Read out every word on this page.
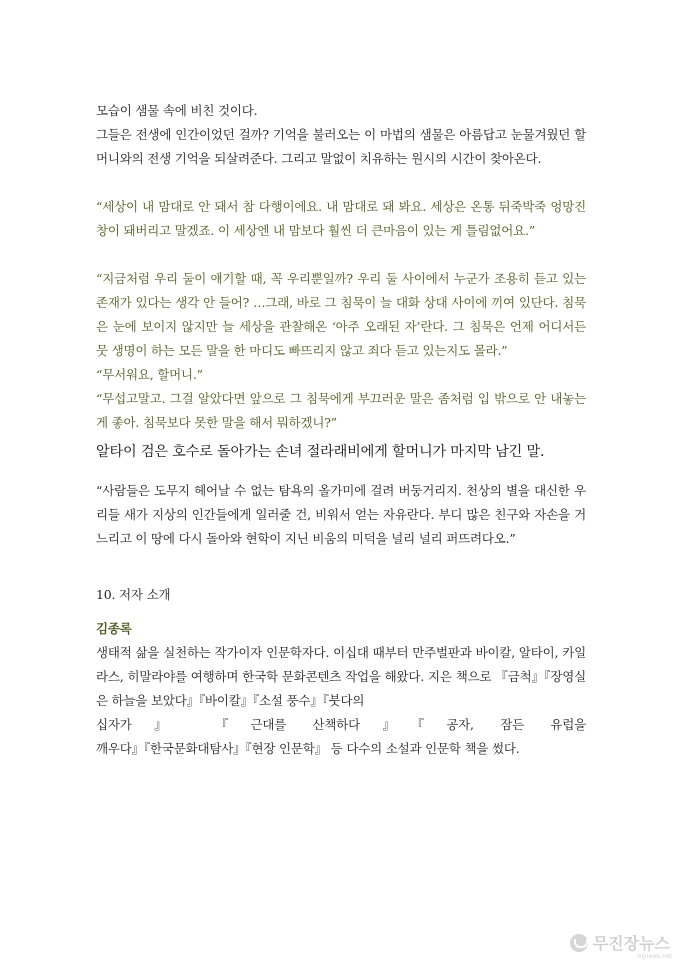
모습이 샘물 속에 비친 것이다.

그들은 전생에 인간이었던 걸까? 기억을 불러오는 이 마법의 샘물은 아름답고 눈물겨웠던 할머니와의 전생 기억을 되살려준다. 그리고 말없이 치유하는 원시의 시간이 찾아온다.

“세상이 내 맘대로 안 돼서 참 다행이에요. 내 맘대로 돼 봐요. 세상은 온통 뒤죽박죽 엉망진창이 돼버리고 말겠죠. 이 세상엔 내 맘보다 훨씬 더 큰마음이 있는 게 틀림없어요.”

“지금처럼 우리 둘이 얘기할 때, 꼭 우리뿐일까? 우리 둘 사이에서 누군가 조용히 듣고 있는 존재가 있다는 생각 안 들어? …그래, 바로 그 침묵이 늘 대화 상대 사이에 끼여 있단다. 침묵은 눈에 보이지 않지만 늘 세상을 관찰해온 ‘아주 오래된 자’란다. 그 침묵은 언제 어디서든 뭇 생명이 하는 모든 말을 한 마디도 빠뜨리지 않고 죄다 듣고 있는지도 몰라.”

“무서워요, 할머니.”

“무섭고말고. 그걸 알았다면 앞으로 그 침묵에게 부끄러운 말은 좀처럼 입 밖으로 안 내놓는 게 좋아. 침묵보다 못한 말을 해서 뭐하겠니?”

알타이 검은 호수로 돌아가는 손녀 절라래비에게 할머니가 마지막 남긴 말.

“사람들은 도무지 헤어날 수 없는 탐욕의 올가미에 걸려 버둥거리지. 천상의 별을 대신한 우리들 새가 지상의 인간들에게 일러줄 건, 비워서 얻는 자유란다. 부디 많은 친구와 자손을 거느리고 이 땅에 다시 돌아와 현학이 지닌 비움의 미덕을 널리 널리 퍼뜨려다오.”

10. 저자 소개

김종록

생태적 삶을 실천하는 작가이자 인문학자다. 이십대 때부터 만주벌판과 바이칼, 알타이, 카일라스, 히말라야를 여행하며 한국학 문화콘텐츠 작업을 해왔다. 지은 책으로 『금척』『장영실은 하늘을 보았다』『바이칼』『소설 풍수』『붓다의

십자가』 『근대를 산책하다』『공자, 잠든 유럽을

깨우다』『한국문화대탐사』『현장 인문학』 등 다수의 소설과 인문학 책을 썼다.

무진장뉴스
mjnews.net
